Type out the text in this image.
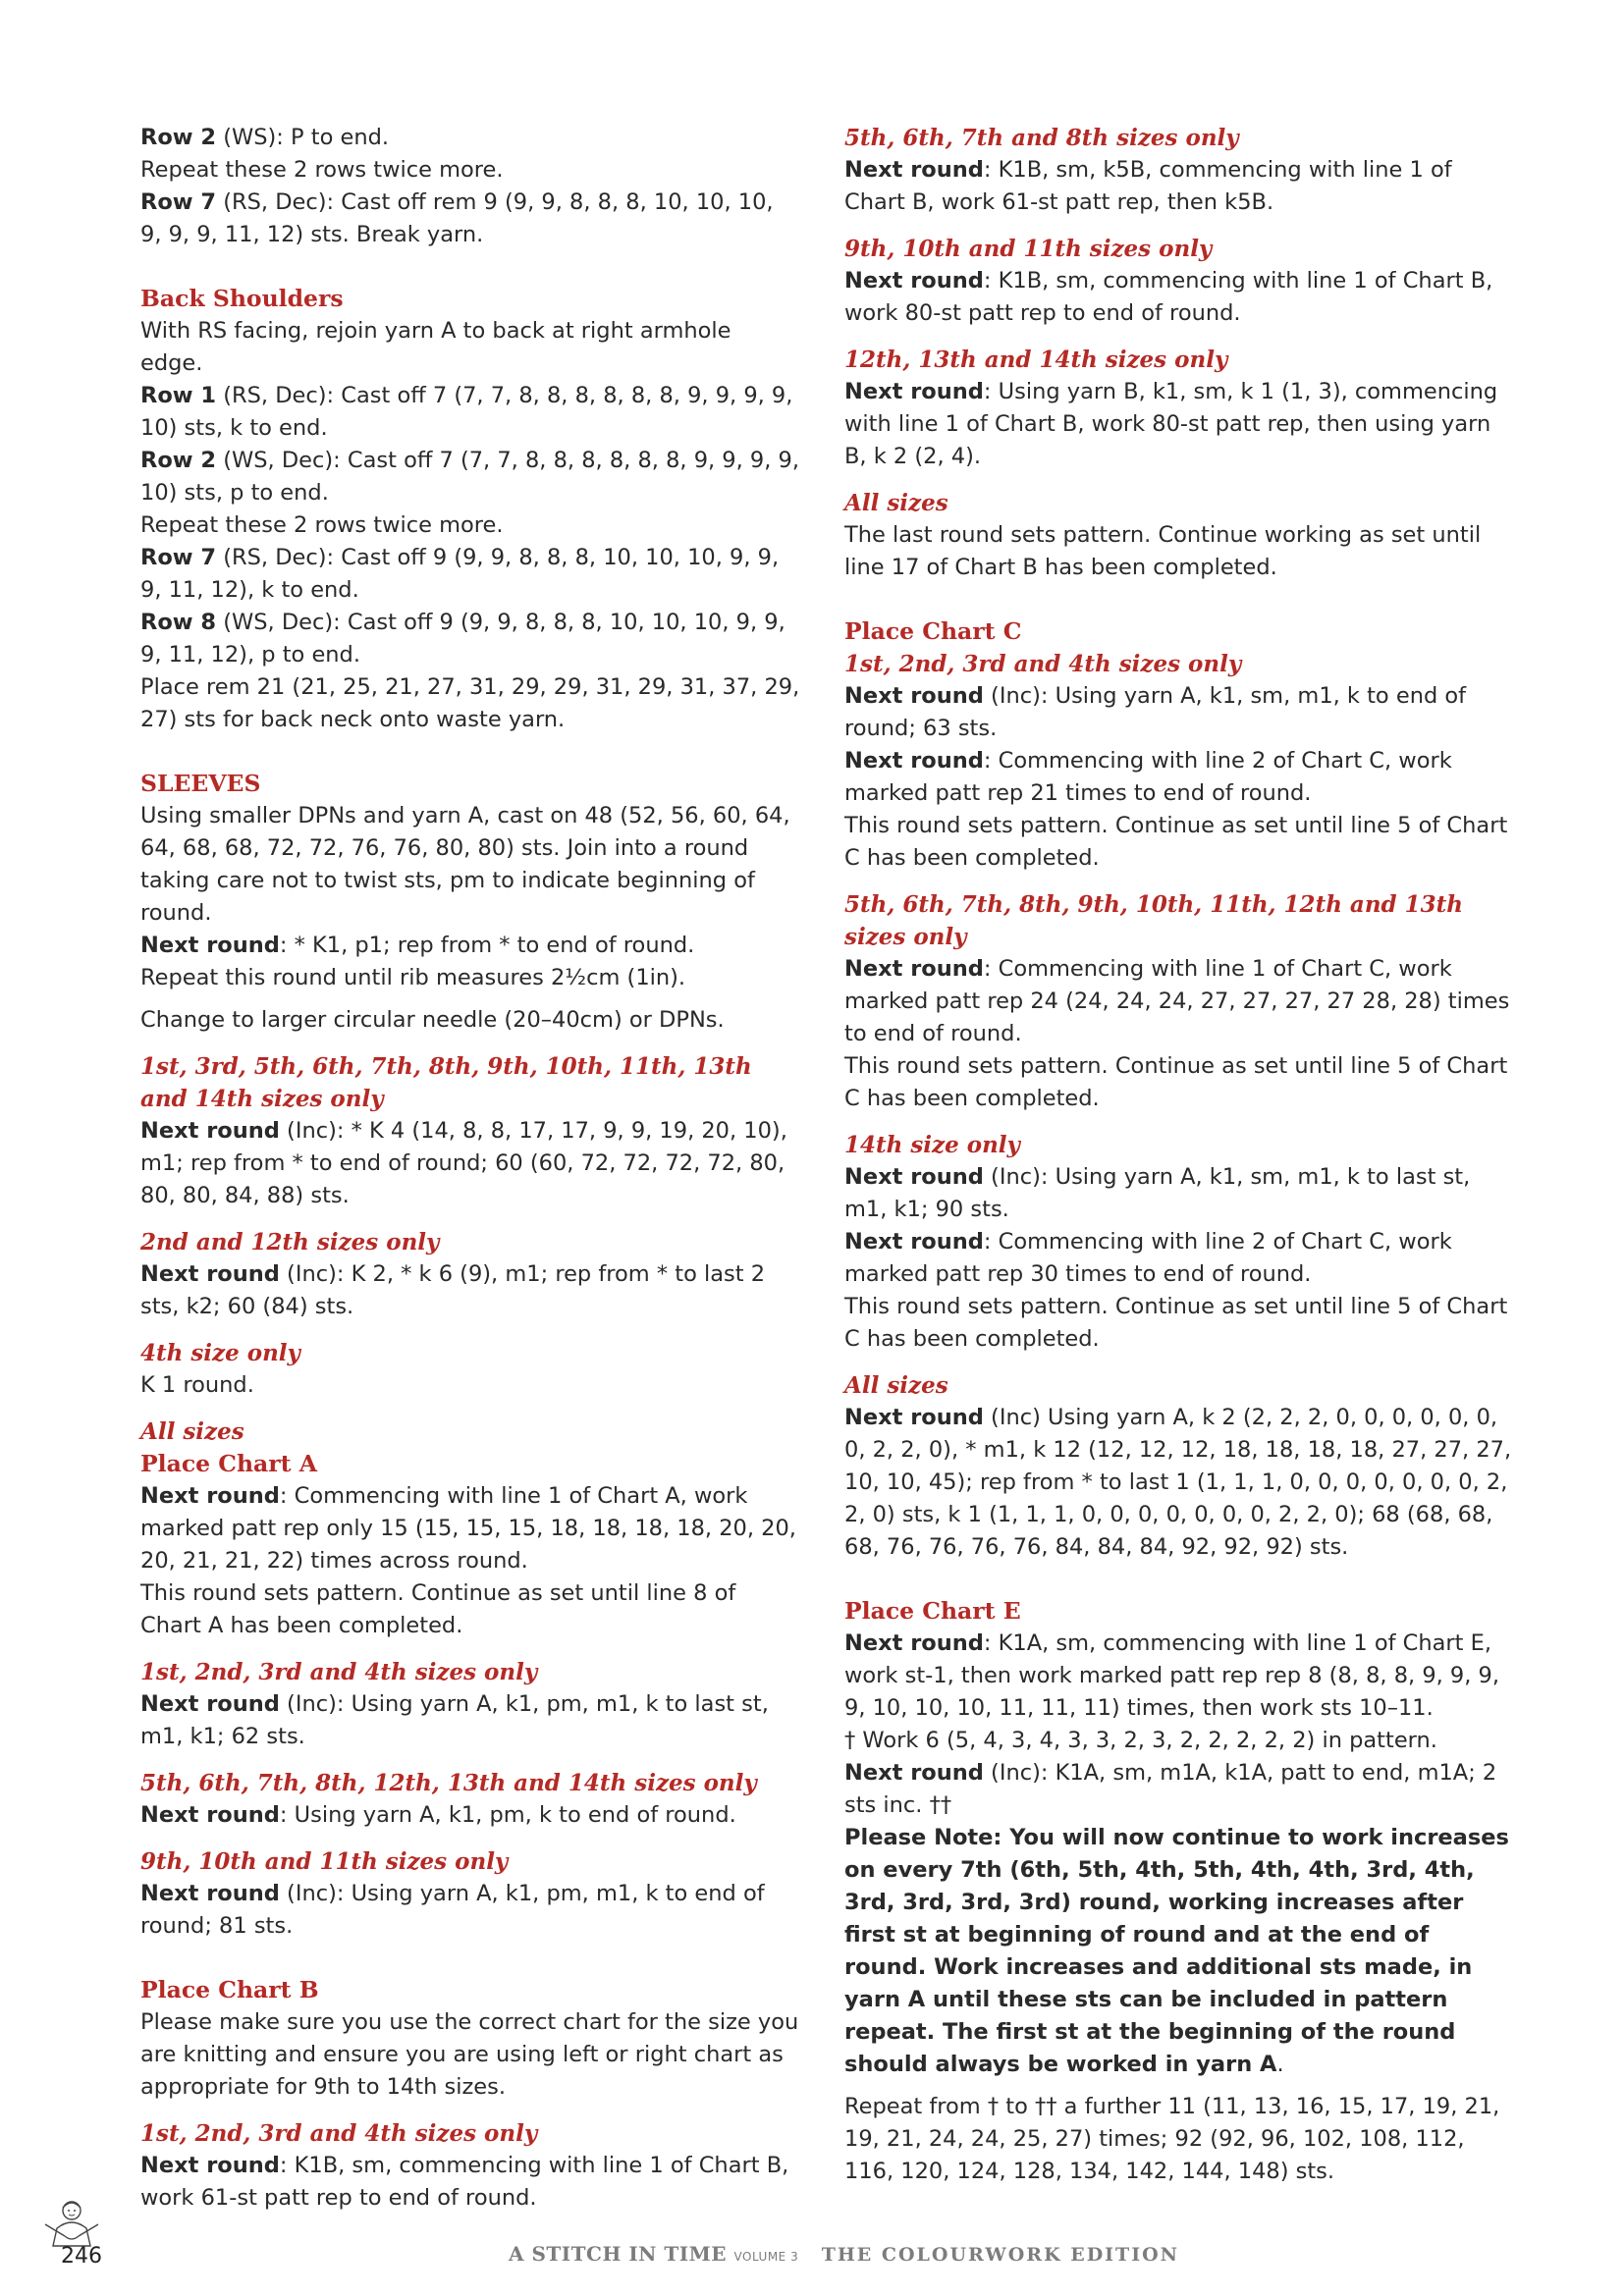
Row 2 (WS): P to end.
Repeat these 2 rows twice more.
Row 7 (RS, Dec): Cast off rem 9 (9, 9, 8, 8, 8, 10, 10, 10, 9, 9, 9, 11, 12) sts. Break yarn.
Back Shoulders
With RS facing, rejoin yarn A to back at right armhole edge.
Row 1 (RS, Dec): Cast off 7 (7, 7, 8, 8, 8, 8, 8, 8, 9, 9, 9, 9, 10) sts, k to end.
Row 2 (WS, Dec): Cast off 7 (7, 7, 8, 8, 8, 8, 8, 8, 9, 9, 9, 9, 10) sts, p to end.
Repeat these 2 rows twice more.
Row 7 (RS, Dec): Cast off 9 (9, 9, 8, 8, 8, 10, 10, 10, 9, 9, 9, 11, 12), k to end.
Row 8 (WS, Dec): Cast off 9 (9, 9, 8, 8, 8, 10, 10, 10, 9, 9, 9, 11, 12), p to end.
Place rem 21 (21, 25, 21, 27, 31, 29, 29, 31, 29, 31, 37, 29, 27) sts for back neck onto waste yarn.
SLEEVES
Using smaller DPNs and yarn A, cast on 48 (52, 56, 60, 64, 64, 68, 68, 72, 72, 76, 76, 80, 80) sts. Join into a round taking care not to twist sts, pm to indicate beginning of round.
Next round: * K1, p1; rep from * to end of round.
Repeat this round until rib measures 2½cm (1in).
Change to larger circular needle (20–40cm) or DPNs.
1st, 3rd, 5th, 6th, 7th, 8th, 9th, 10th, 11th, 13th and 14th sizes only
Next round (Inc): * K 4 (14, 8, 8, 17, 17, 9, 9, 19, 20, 10), m1; rep from * to end of round; 60 (60, 72, 72, 72, 72, 80, 80, 80, 84, 88) sts.
2nd and 12th sizes only
Next round (Inc): K 2, * k 6 (9), m1; rep from * to last 2 sts, k2; 60 (84) sts.
4th size only
K 1 round.
All sizes
Place Chart A
Next round: Commencing with line 1 of Chart A, work marked patt rep only 15 (15, 15, 15, 18, 18, 18, 18, 20, 20, 20, 21, 21, 22) times across round.
This round sets pattern. Continue as set until line 8 of Chart A has been completed.
1st, 2nd, 3rd and 4th sizes only
Next round (Inc): Using yarn A, k1, pm, m1, k to last st, m1, k1; 62 sts.
5th, 6th, 7th, 8th, 12th, 13th and 14th sizes only
Next round: Using yarn A, k1, pm, k to end of round.
9th, 10th and 11th sizes only
Next round (Inc): Using yarn A, k1, pm, m1, k to end of round; 81 sts.
Place Chart B
Please make sure you use the correct chart for the size you are knitting and ensure you are using left or right chart as appropriate for 9th to 14th sizes.
1st, 2nd, 3rd and 4th sizes only
Next round: K1B, sm, commencing with line 1 of Chart B, work 61-st patt rep to end of round.
5th, 6th, 7th and 8th sizes only
Next round: K1B, sm, k5B, commencing with line 1 of Chart B, work 61-st patt rep, then k5B.
9th, 10th and 11th sizes only
Next round: K1B, sm, commencing with line 1 of Chart B, work 80-st patt rep to end of round.
12th, 13th and 14th sizes only
Next round: Using yarn B, k1, sm, k 1 (1, 3), commencing with line 1 of Chart B, work 80-st patt rep, then using yarn B, k 2 (2, 4).
All sizes
The last round sets pattern. Continue working as set until line 17 of Chart B has been completed.
Place Chart C
1st, 2nd, 3rd and 4th sizes only
Next round (Inc): Using yarn A, k1, sm, m1, k to end of round; 63 sts.
Next round: Commencing with line 2 of Chart C, work marked patt rep 21 times to end of round.
This round sets pattern. Continue as set until line 5 of Chart C has been completed.
5th, 6th, 7th, 8th, 9th, 10th, 11th, 12th and 13th sizes only
Next round: Commencing with line 1 of Chart C, work marked patt rep 24 (24, 24, 24, 27, 27, 27, 27 28, 28) times to end of round.
This round sets pattern. Continue as set until line 5 of Chart C has been completed.
14th size only
Next round (Inc): Using yarn A, k1, sm, m1, k to last st, m1, k1; 90 sts.
Next round: Commencing with line 2 of Chart C, work marked patt rep 30 times to end of round.
This round sets pattern. Continue as set until line 5 of Chart C has been completed.
All sizes
Next round (Inc) Using yarn A, k 2 (2, 2, 2, 0, 0, 0, 0, 0, 0, 0, 2, 2, 0), * m1, k 12 (12, 12, 12, 18, 18, 18, 18, 27, 27, 27, 10, 10, 45); rep from * to last 1 (1, 1, 1, 0, 0, 0, 0, 0, 0, 0, 2, 2, 0) sts, k 1 (1, 1, 1, 0, 0, 0, 0, 0, 0, 0, 2, 2, 0); 68 (68, 68, 68, 76, 76, 76, 76, 84, 84, 84, 92, 92, 92) sts.
Place Chart E
Next round: K1A, sm, commencing with line 1 of Chart E, work st-1, then work marked patt rep rep 8 (8, 8, 8, 9, 9, 9, 9, 10, 10, 10, 11, 11, 11) times, then work sts 10–11.
† Work 6 (5, 4, 3, 4, 3, 3, 2, 3, 2, 2, 2, 2, 2) in pattern.
Next round (Inc): K1A, sm, m1A, k1A, patt to end, m1A; 2 sts inc. ††
Please Note: You will now continue to work increases on every 7th (6th, 5th, 4th, 5th, 4th, 4th, 3rd, 4th, 3rd, 3rd, 3rd, 3rd) round, working increases after first st at beginning of round and at the end of round. Work increases and additional sts made, in yarn A until these sts can be included in pattern repeat. The first st at the beginning of the round should always be worked in yarn A.
Repeat from † to †† a further 11 (11, 13, 16, 15, 17, 19, 21, 19, 21, 24, 24, 25, 27) times; 92 (92, 96, 102, 108, 112, 116, 120, 124, 128, 134, 142, 144, 148) sts.
246	A STITCH IN TIME VOLUME 3 THE COLOURWORK EDITION
